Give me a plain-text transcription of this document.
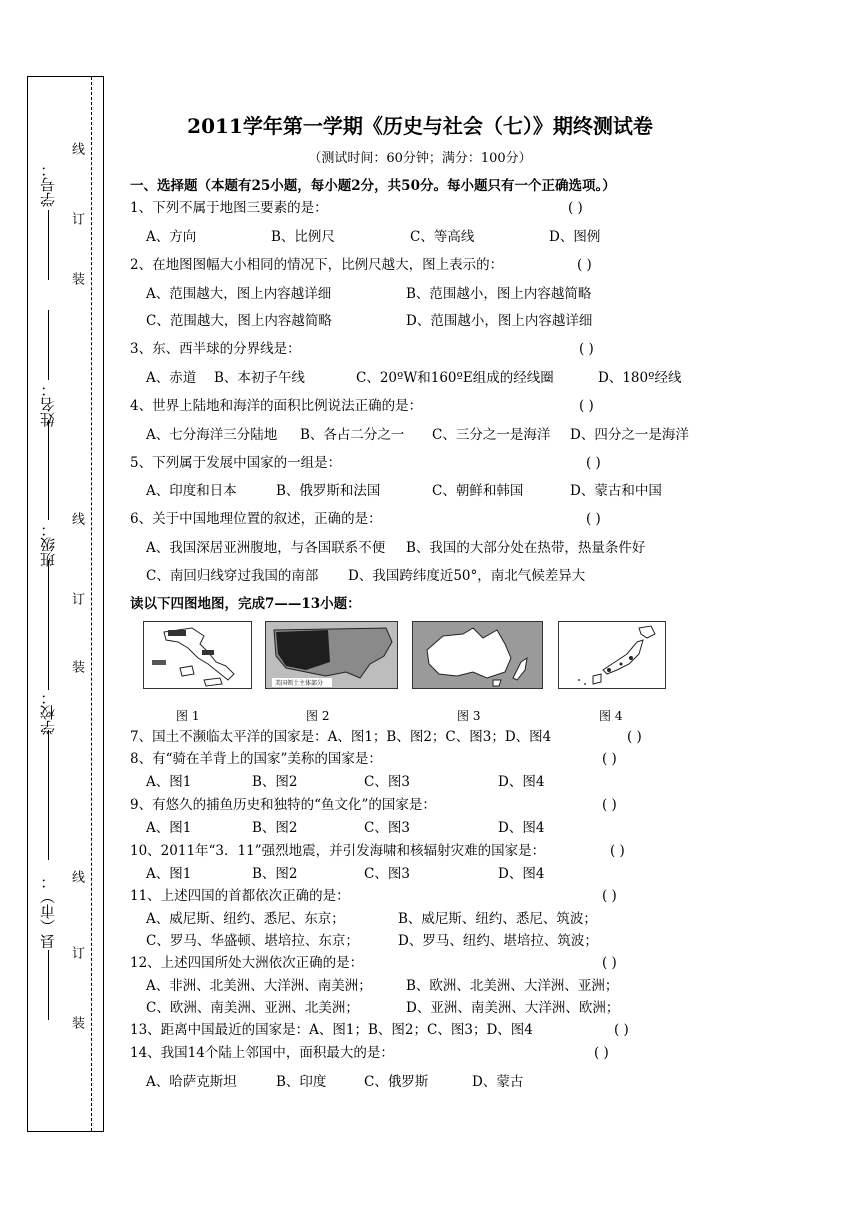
线
订
装
线
订
装
线
订
装
学号：
姓名：
班级：
学校：
县（市）：
2011学年第一学期《历史与社会（七）》期终测试卷
（测试时间：60分钟；满分：100分）
一、选择题（本题有25小题，每小题2分，共50分。每小题只有一个正确选项。）
1、下列不属于地图三要素的是：	( )
A、方向	B、比例尺	C、等高线	D、图例
2、在地图图幅大小相同的情况下，比例尺越大，图上表示的：	( )
A、范围越大，图上内容越详细	B、范围越小，图上内容越简略
C、范围越大，图上内容越简略	D、范围越小，图上内容越详细
3、东、西半球的分界线是：	( )
A、赤道 B、本初子午线	C、20ºW和160ºE组成的经线圈	D、180º经线
4、世界上陆地和海洋的面积比例说法正确的是：	( )
A、七分海洋三分陆地 B、各占二分之一 C、三分之一是海洋 D、四分之一是海洋
5、下列属于发展中国家的一组是：	( )
A、印度和日本	B、俄罗斯和法国	C、朝鲜和韩国	D、蒙古和中国
6、关于中国地理位置的叙述，正确的是：	( )
A、我国深居亚洲腹地，与各国联系不便 B、我国的大部分处在热带，热量条件好
C、南回归线穿过我国的南部 D、我国跨纬度近50°，南北气候差异大
读以下四图地图，完成7——13小题：
美国领土主体部分
图 1	图 2	图 3	图 4
7、国土不濒临太平洋的国家是：A、图1；B、图2；C、图3；D、图4	( )
8、有“骑在羊背上的国家”美称的国家是：	( )
A、图1	B、图2	C、图3	D、图4
9、有悠久的捕鱼历史和独特的“鱼文化”的国家是：	( )
A、图1	B、图2	C、图3	D、图4
10、2011年“3．11”强烈地震，并引发海啸和核辐射灾难的国家是：	( )
A、图1	B、图2	C、图3	D、图4
11、上述四国的首都依次正确的是：	( )
A、威尼斯、纽约、悉尼、东京；	B、威尼斯、纽约、悉尼、筑波；
C、罗马、华盛顿、堪培拉、东京；	D、罗马、纽约、堪培拉、筑波；
12、上述四国所处大洲依次正确的是：	( )
A、非洲、北美洲、大洋洲、南美洲；	B、欧洲、北美洲、大洋洲、亚洲；
C、欧洲、南美洲、亚洲、北美洲；	D、亚洲、南美洲、大洋洲、欧洲；
13、距离中国最近的国家是：A、图1；B、图2；C、图3；D、图4	( )
14、我国14个陆上邻国中，面积最大的是：	( )
A、哈萨克斯坦	B、印度	C、俄罗斯	D、蒙古
